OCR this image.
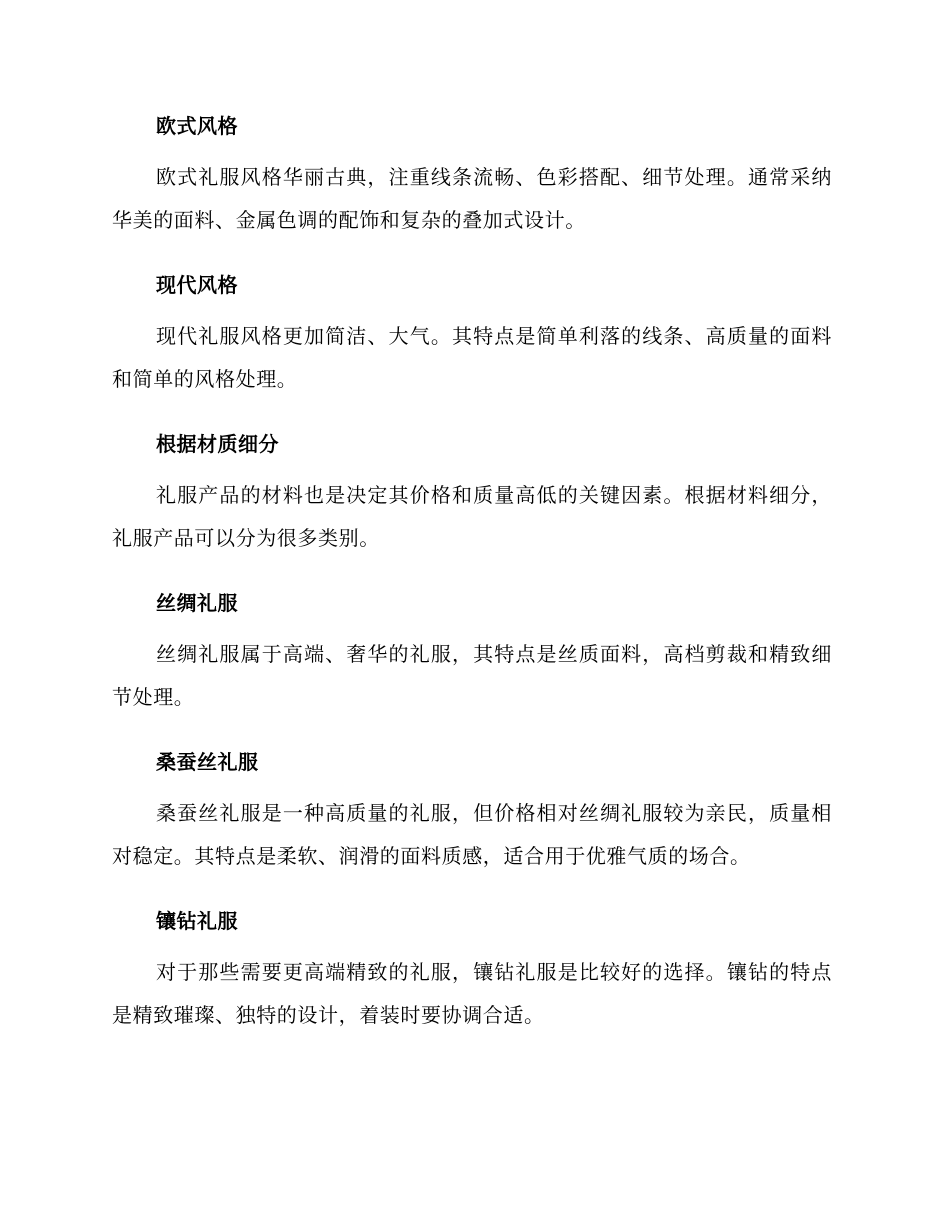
欧式风格

欧式礼服风格华丽古典，注重线条流畅、色彩搭配、细节处理。通常采纳华美的面料、金属色调的配饰和复杂的叠加式设计。

现代风格

现代礼服风格更加简洁、大气。其特点是简单利落的线条、高质量的面料和简单的风格处理。

根据材质细分

礼服产品的材料也是决定其价格和质量高低的关键因素。根据材料细分，礼服产品可以分为很多类别。

丝绸礼服

丝绸礼服属于高端、奢华的礼服，其特点是丝质面料，高档剪裁和精致细节处理。

桑蚕丝礼服

桑蚕丝礼服是一种高质量的礼服，但价格相对丝绸礼服较为亲民，质量相对稳定。其特点是柔软、润滑的面料质感，适合用于优雅气质的场合。

镶钻礼服

对于那些需要更高端精致的礼服，镶钻礼服是比较好的选择。镶钻的特点是精致璀璨、独特的设计，着装时要协调合适。
